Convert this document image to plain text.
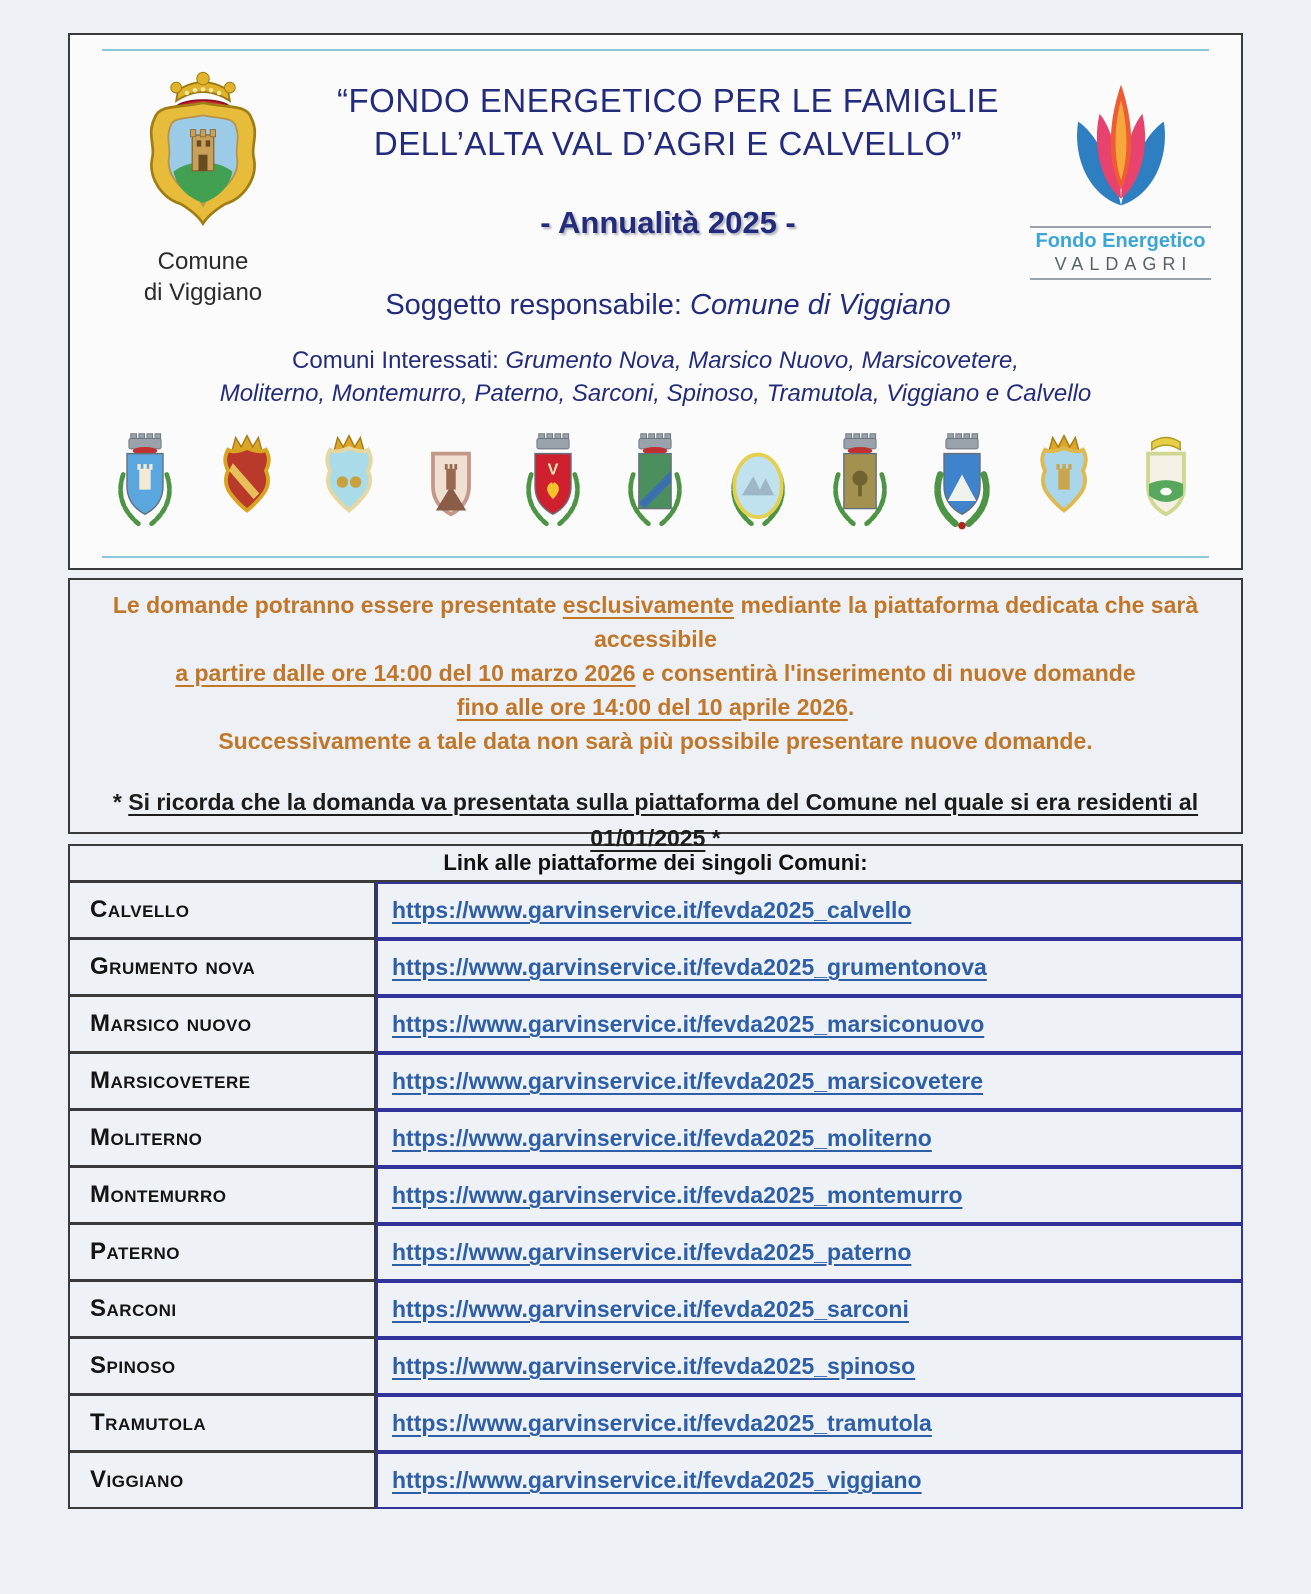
Comune
di Viggiano
“FONDO ENERGETICO PER LE FAMIGLIE
DELL’ALTA VAL D’AGRI E CALVELLO”
- Annualità 2025 -
Soggetto responsabile: Comune di Viggiano
Fondo Energetico
VALDAGRI
Comuni Interessati: Grumento Nova, Marsico Nuovo, Marsicovetere,
Moliterno, Montemurro, Paterno, Sarconi, Spinoso, Tramutola, Viggiano e Calvello
V
Le domande potranno essere presentate esclusivamente mediante la piattaforma dedicata che sarà accessibile
a partire dalle ore 14:00 del 10 marzo 2026 e consentirà l'inserimento di nuove domande
fino alle ore 14:00 del 10 aprile 2026.
Successivamente a tale data non sarà più possibile presentare nuove domande.
* Si ricorda che la domanda va presentata sulla piattaforma del Comune nel quale si era residenti al 01/01/2025 *
Link alle piattaforme dei singoli Comuni:	
Calvello	https://www.garvinservice.it/fevda2025_calvello
Grumento nova	https://www.garvinservice.it/fevda2025_grumentonova
Marsico nuovo	https://www.garvinservice.it/fevda2025_marsiconuovo
Marsicovetere	https://www.garvinservice.it/fevda2025_marsicovetere
Moliterno	https://www.garvinservice.it/fevda2025_moliterno
Montemurro	https://www.garvinservice.it/fevda2025_montemurro
Paterno	https://www.garvinservice.it/fevda2025_paterno
Sarconi	https://www.garvinservice.it/fevda2025_sarconi
Spinoso	https://www.garvinservice.it/fevda2025_spinoso
Tramutola	https://www.garvinservice.it/fevda2025_tramutola
Viggiano	https://www.garvinservice.it/fevda2025_viggiano
